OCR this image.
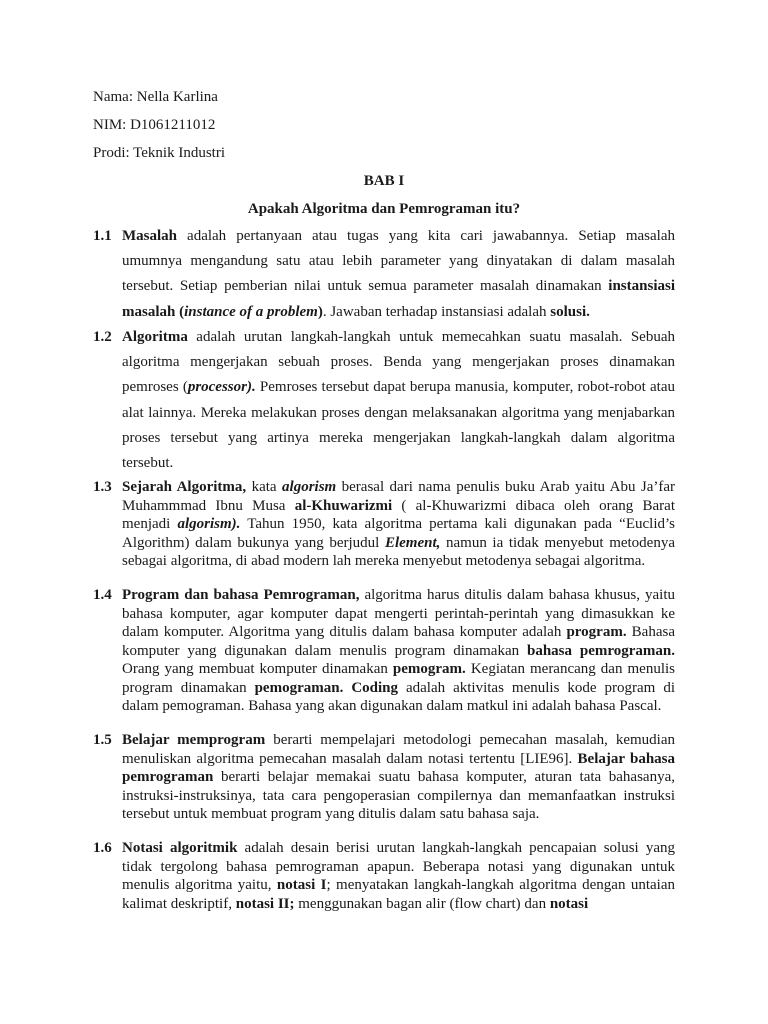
Nama: Nella Karlina
NIM: D1061211012
Prodi: Teknik Industri
BAB I
Apakah Algoritma dan Pemrograman itu?
1.1 Masalah adalah pertanyaan atau tugas yang kita cari jawabannya. Setiap masalah umumnya mengandung satu atau lebih parameter yang dinyatakan di dalam masalah tersebut. Setiap pemberian nilai untuk semua parameter masalah dinamakan instansiasi masalah (instance of a problem). Jawaban terhadap instansiasi adalah solusi.
1.2 Algoritma adalah urutan langkah-langkah untuk memecahkan suatu masalah. Sebuah algoritma mengerjakan sebuah proses. Benda yang mengerjakan proses dinamakan pemroses (processor). Pemroses tersebut dapat berupa manusia, komputer, robot-robot atau alat lainnya. Mereka melakukan proses dengan melaksanakan algoritma yang menjabarkan proses tersebut yang artinya mereka mengerjakan langkah-langkah dalam algoritma tersebut.
1.3 Sejarah Algoritma, kata algorism berasal dari nama penulis buku Arab yaitu Abu Ja’far Muhammmad Ibnu Musa al-Khuwarizmi ( al-Khuwarizmi dibaca oleh orang Barat menjadi algorism). Tahun 1950, kata algoritma pertama kali digunakan pada “Euclid’s Algorithm) dalam bukunya yang berjudul Element, namun ia tidak menyebut metodenya sebagai algoritma, di abad modern lah mereka menyebut metodenya sebagai algoritma.
1.4 Program dan bahasa Pemrograman, algoritma harus ditulis dalam bahasa khusus, yaitu bahasa komputer, agar komputer dapat mengerti perintah-perintah yang dimasukkan ke dalam komputer. Algoritma yang ditulis dalam bahasa komputer adalah program. Bahasa komputer yang digunakan dalam menulis program dinamakan bahasa pemrograman. Orang yang membuat komputer dinamakan pemogram. Kegiatan merancang dan menulis program dinamakan pemograman. Coding adalah aktivitas menulis kode program di dalam pemograman. Bahasa yang akan digunakan dalam matkul ini adalah bahasa Pascal.
1.5 Belajar memprogram berarti mempelajari metodologi pemecahan masalah, kemudian menuliskan algoritma pemecahan masalah dalam notasi tertentu [LIE96]. Belajar bahasa pemrograman berarti belajar memakai suatu bahasa komputer, aturan tata bahasanya, instruksi-instruksinya, tata cara pengoperasian compilernya dan memanfaatkan instruksi tersebut untuk membuat program yang ditulis dalam satu bahasa saja.
1.6 Notasi algoritmik adalah desain berisi urutan langkah-langkah pencapaian solusi yang tidak tergolong bahasa pemrograman apapun. Beberapa notasi yang digunakan untuk menulis algoritma yaitu, notasi I; menyatakan langkah-langkah algoritma dengan untaian kalimat deskriptif, notasi II; menggunakan bagan alir (flow chart) dan notasi
